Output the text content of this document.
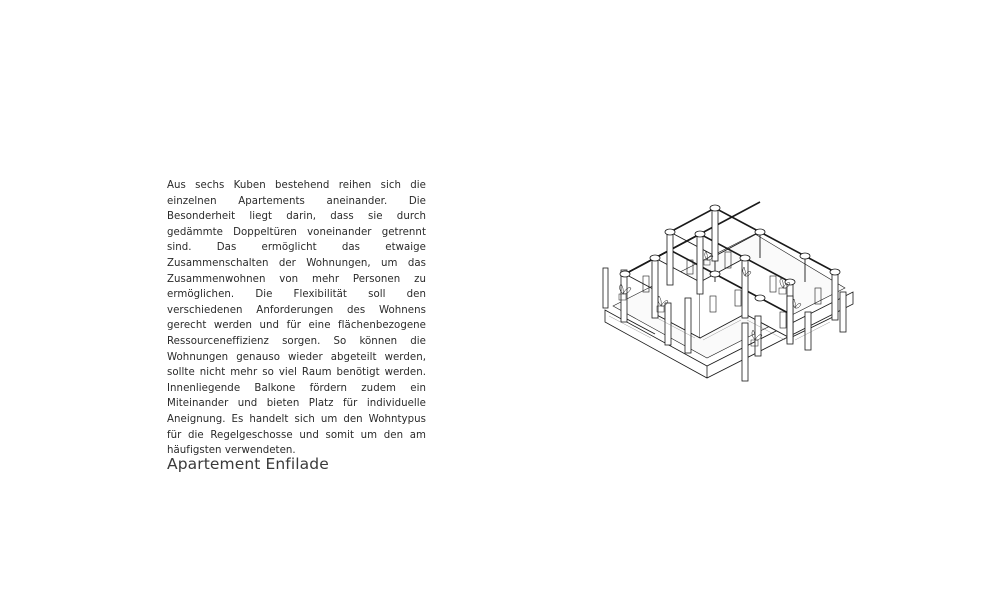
Aus sechs Kuben bestehend reihen sich die einzelnen Apartements aneinander. Die Besonderheit liegt darin, dass sie durch gedämmte Doppeltüren voneinander getrennt sind. Das ermöglicht das etwaige Zusammenschalten der Wohnungen, um das Zusammenwohnen von mehr Personen zu ermöglichen. Die Flexibilität soll den verschiedenen Anforderungen des Wohnens gerecht werden und für eine flächenbezogene Ressourceneffizienz sorgen. So können die Wohnungen genauso wieder abgeteilt werden, sollte nicht mehr so viel Raum benötigt werden. Innenliegende Balkone fördern zudem ein Miteinander und bieten Platz für individuelle Aneignung. Es handelt sich um den Wohntypus für die Regelgeschosse und somit um den am häufigsten verwendeten.

Apartement Enfilade
